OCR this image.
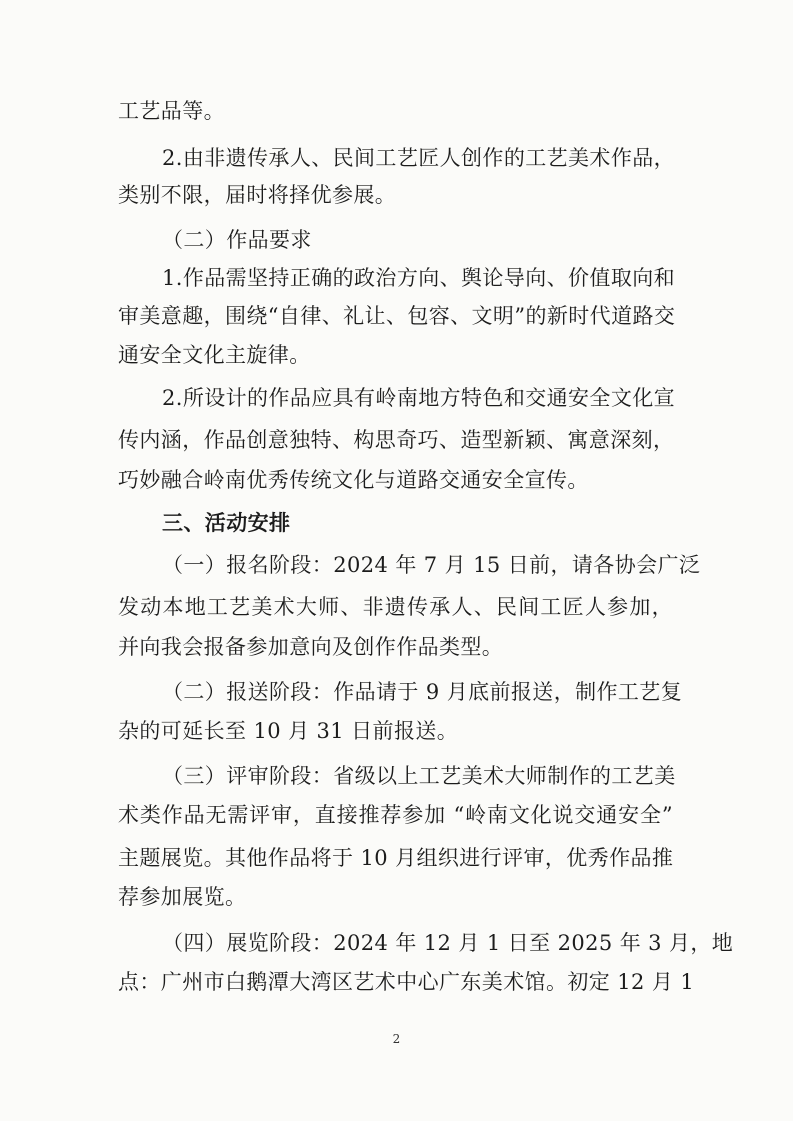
工艺品等。
2.由非遗传承人、民间工艺匠人创作的工艺美术作品，
类别不限，届时将择优参展。
（二）作品要求
1.作品需坚持正确的政治方向、舆论导向、价值取向和
审美意趣，围绕“自律、礼让、包容、文明”的新时代道路交
通安全文化主旋律。
2.所设计的作品应具有岭南地方特色和交通安全文化宣
传内涵，作品创意独特、构思奇巧、造型新颖、寓意深刻，
巧妙融合岭南优秀传统文化与道路交通安全宣传。
三、活动安排
（一）报名阶段：2024 年 7 月 15 日前，请各协会广泛
发动本地工艺美术大师、非遗传承人、民间工匠人参加，
并向我会报备参加意向及创作作品类型。
（二）报送阶段：作品请于 9 月底前报送，制作工艺复
杂的可延长至 10 月 31 日前报送。
（三）评审阶段：省级以上工艺美术大师制作的工艺美
术类作品无需评审，直接推荐参加 “岭南文化说交通安全”
主题展览。其他作品将于 10 月组织进行评审，优秀作品推
荐参加展览。
（四）展览阶段：2024 年 12 月 1 日至 2025 年 3 月，地
点：广州市白鹅潭大湾区艺术中心广东美术馆。初定 12 月 1
2
